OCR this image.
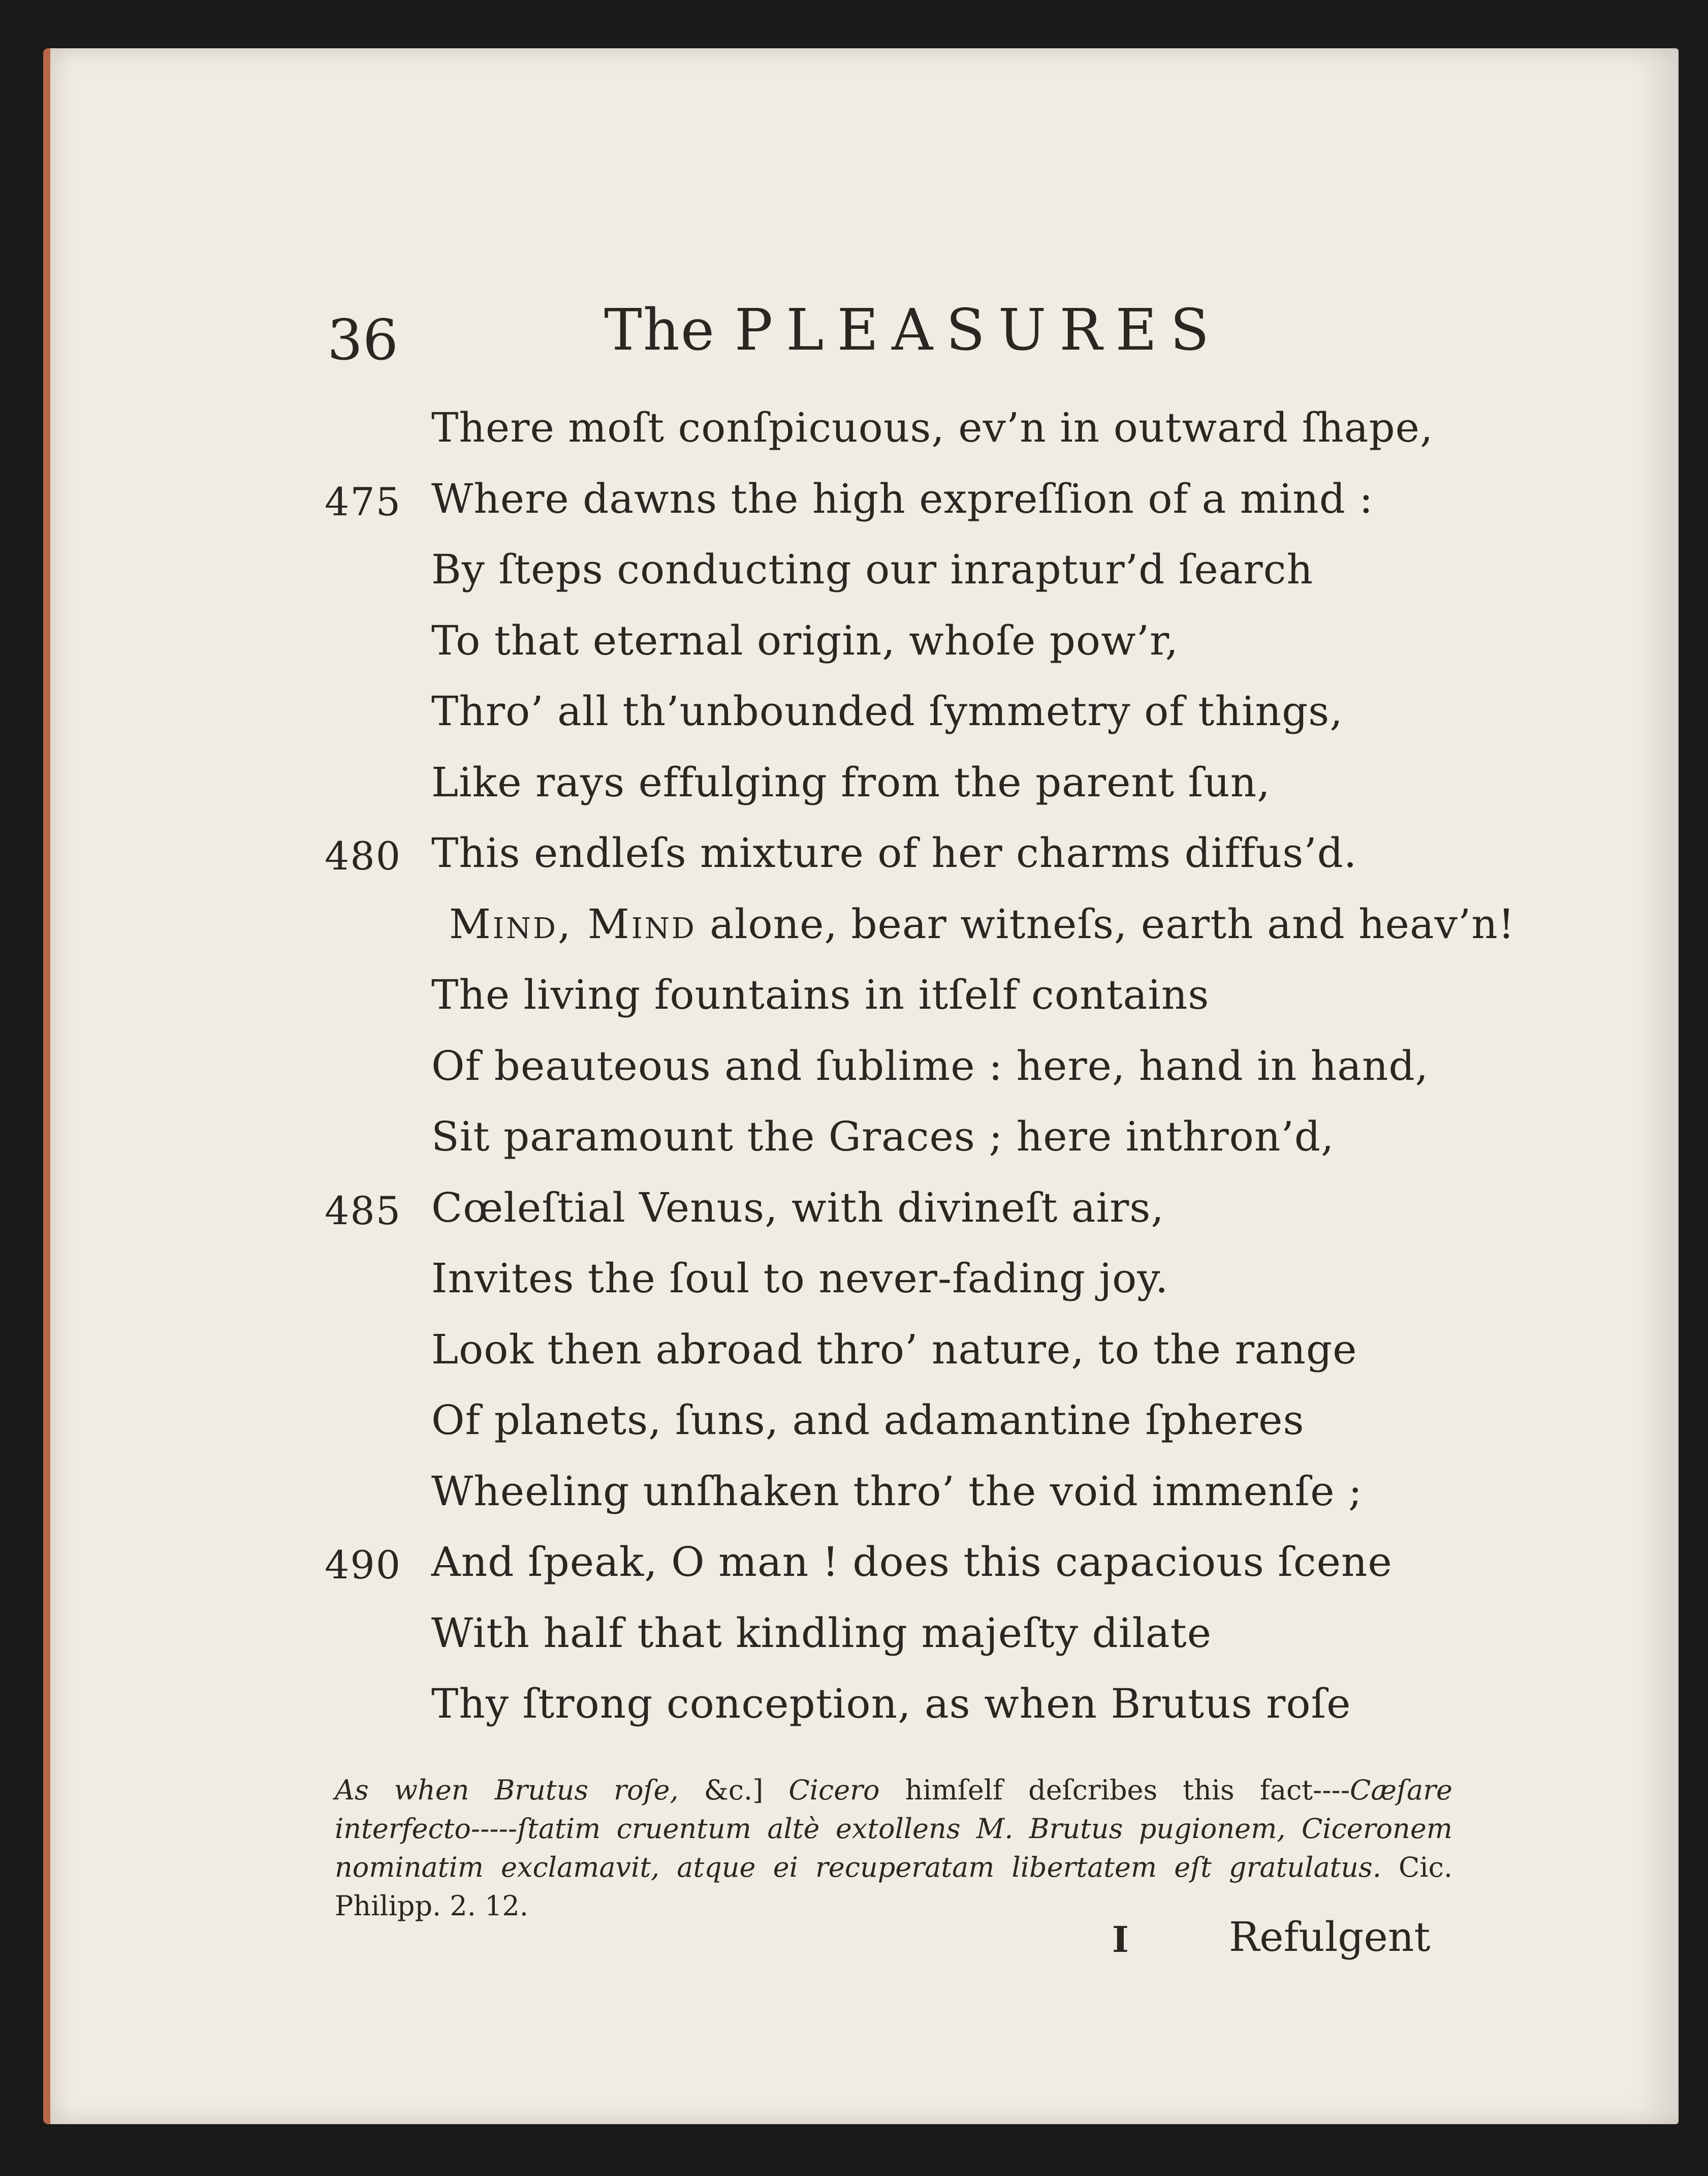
36	The PLEASURES
There moſt conſpicuous, ev’n in outward ſhape,
475 Where dawns the high expreſſion of a mind :
By ſteps conducting our inraptur’d ſearch
To that eternal origin, whoſe pow’r,
Thro’ all th’unbounded ſymmetry of things,
Like rays effulging from the parent ſun,
480 This endleſs mixture of her charms diffus’d.
Mind, Mind alone, bear witneſs, earth and heav’n!
The living fountains in itſelf contains
Of beauteous and ſublime : here, hand in hand,
Sit paramount the Graces ; here inthron’d,
485 Cœleſtial Venus, with divineſt airs,
Invites the ſoul to never-fading joy.
Look then abroad thro’ nature, to the range
Of planets, ſuns, and adamantine ſpheres
Wheeling unſhaken thro’ the void immenſe ;
490 And ſpeak, O man ! does this capacious ſcene
With half that kindling majeſty dilate
Thy ſtrong conception, as when Brutus roſe
As when Brutus roſe, &c.] Cicero himſelf deſcribes this fact----Cæſare interfecto-----ſtatim cruentum altè extollens M. Brutus pugionem, Ciceronem nominatim exclamavit, atque ei recuperatam libertatem eſt gratulatus. Cic. Philipp. 2. 12.
I Refulgent
